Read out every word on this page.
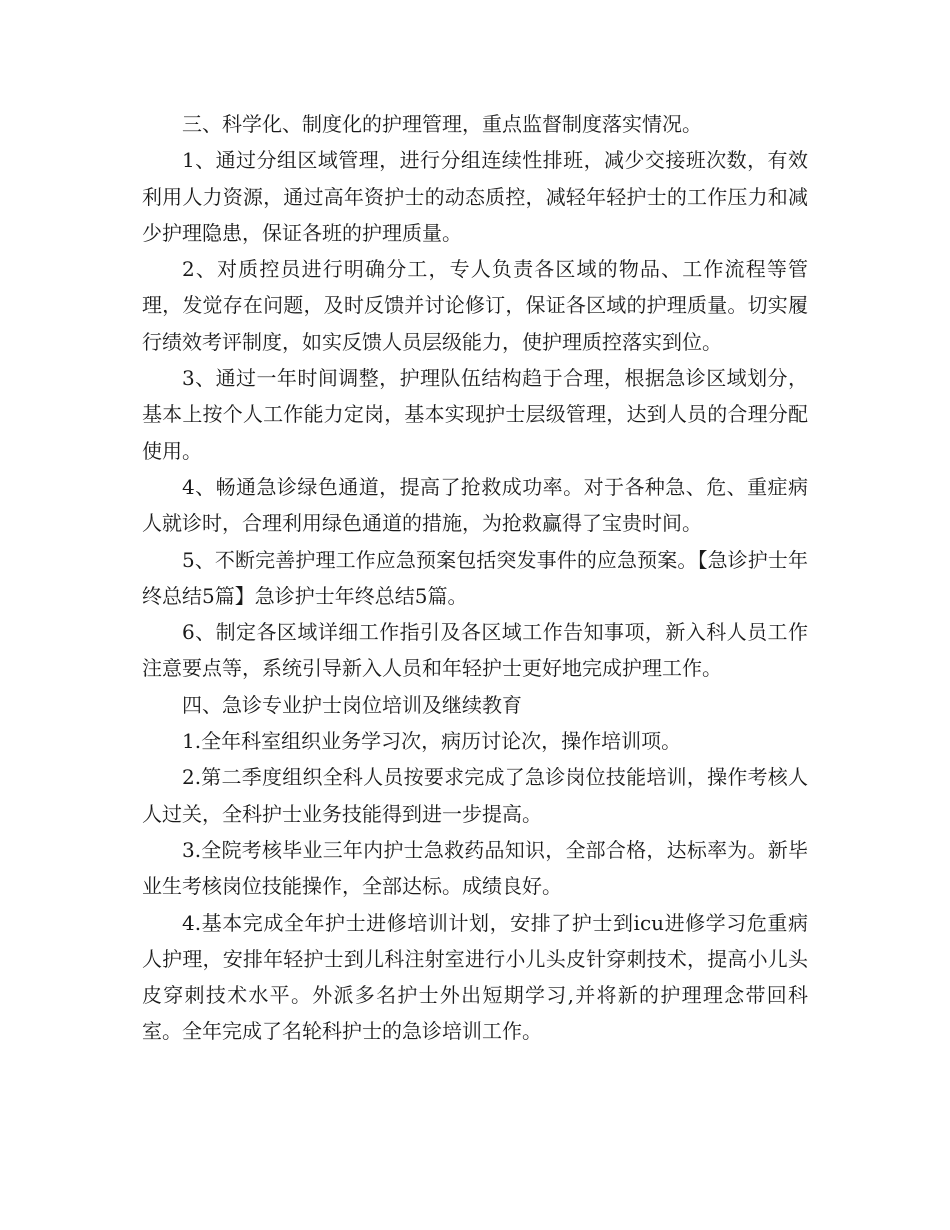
三、科学化、制度化的护理管理，重点监督制度落实情况。

1、通过分组区域管理，进行分组连续性排班，减少交接班次数，有效利用人力资源，通过高年资护士的动态质控，减轻年轻护士的工作压力和减少护理隐患，保证各班的护理质量。

2、对质控员进行明确分工，专人负责各区域的物品、工作流程等管理，发觉存在问题，及时反馈并讨论修订，保证各区域的护理质量。切实履行绩效考评制度，如实反馈人员层级能力，使护理质控落实到位。

3、通过一年时间调整，护理队伍结构趋于合理，根据急诊区域划分，基本上按个人工作能力定岗，基本实现护士层级管理，达到人员的合理分配使用。

4、畅通急诊绿色通道，提高了抢救成功率。对于各种急、危、重症病人就诊时，合理利用绿色通道的措施，为抢救赢得了宝贵时间。

5、不断完善护理工作应急预案包括突发事件的应急预案。【急诊护士年终总结5篇】急诊护士年终总结5篇。

6、制定各区域详细工作指引及各区域工作告知事项，新入科人员工作注意要点等，系统引导新入人员和年轻护士更好地完成护理工作。

四、急诊专业护士岗位培训及继续教育

1.全年科室组织业务学习次，病历讨论次，操作培训项。

2.第二季度组织全科人员按要求完成了急诊岗位技能培训，操作考核人人过关，全科护士业务技能得到进一步提高。

3.全院考核毕业三年内护士急救药品知识，全部合格，达标率为。新毕业生考核岗位技能操作，全部达标。成绩良好。

4.基本完成全年护士进修培训计划，安排了护士到icu进修学习危重病人护理，安排年轻护士到儿科注射室进行小儿头皮针穿刺技术，提高小儿头皮穿刺技术水平。外派多名护士外出短期学习,并将新的护理理念带回科室。全年完成了名轮科护士的急诊培训工作。
